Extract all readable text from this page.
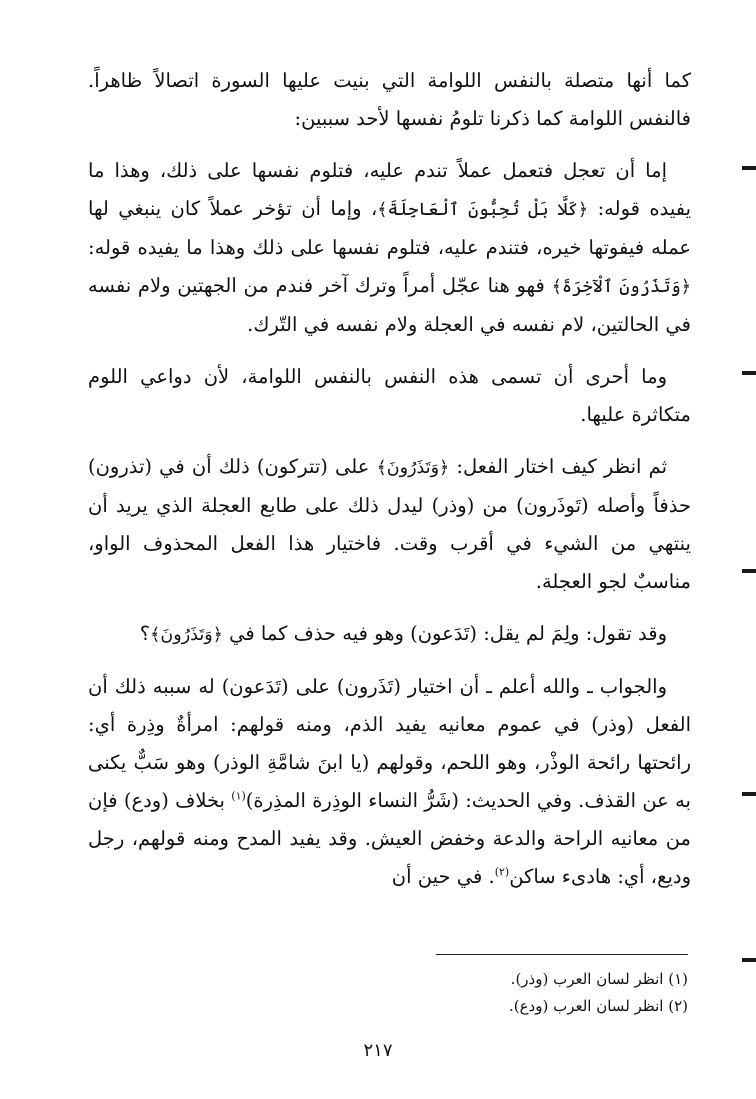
كما أنها متصلة بالنفس اللوامة التي بنيت عليها السورة اتصالاً ظاهراً. فالنفس اللوامة كما ذكرنا تلومُ نفسها لأحد سببين:

إما أن تعجل فتعمل عملاً تندم عليه، فتلوم نفسها على ذلك، وهذا ما يفيده قوله: ﴿كَلَّا بَلْ تُحِبُّونَ ٱلْعَاجِلَةَ﴾، وإما أن تؤخر عملاً كان ينبغي لها عمله فيفوتها خيره، فتندم عليه، فتلوم نفسها على ذلك وهذا ما يفيده قوله: ﴿وَتَذَرُونَ ٱلْآخِرَةَ﴾ فهو هنا عجّل أمراً وترك آخر فندم من الجهتين ولام نفسه في الحالتين، لام نفسه في العجلة ولام نفسه في التّرك.

وما أحرى أن تسمى هذه النفس بالنفس اللوامة، لأن دواعي اللوم متكاثرة عليها.

ثم انظر كيف اختار الفعل: ﴿وَتَذَرُونَ﴾ على (تتركون) ذلك أن في (تذرون) حذفاً وأصله (تَوذَرون) من (وذر) ليدل ذلك على طابع العجلة الذي يريد أن ينتهي من الشيء في أقرب وقت. فاختيار هذا الفعل المحذوف الواو، مناسبٌ لجو العجلة.

وقد تقول: ولِمَ لم يقل: (تَدَعون) وهو فيه حذف كما في ﴿وَتَذَرُونَ﴾؟

والجواب ـ والله أعلم ـ أن اختيار (تَذَرون) على (تَدَعون) له سببه ذلك أن الفعل (وذر) في عموم معانيه يفيد الذم، ومنه قولهم: امرأةٌ وذِرة أي: رائحتها رائحة الوذْر، وهو اللحم، وقولهم (يا ابنَ شامَّةِ الوذر) وهو سَبٌّ يكنى به عن القذف. وفي الحديث: (شَرُّ النساء الوذِرة المذِرة)$^{(١)}$ بخلاف (ودع) فإن من معانيه الراحة والدعة وخفض العيش. وقد يفيد المدح ومنه قولهم، رجل وديع، أي: هادىء ساكن$^{(٢)}$. في حين أن

(١) انظر لسان العرب (وذر).
(٢) انظر لسان العرب (ودع).
٢١٧
